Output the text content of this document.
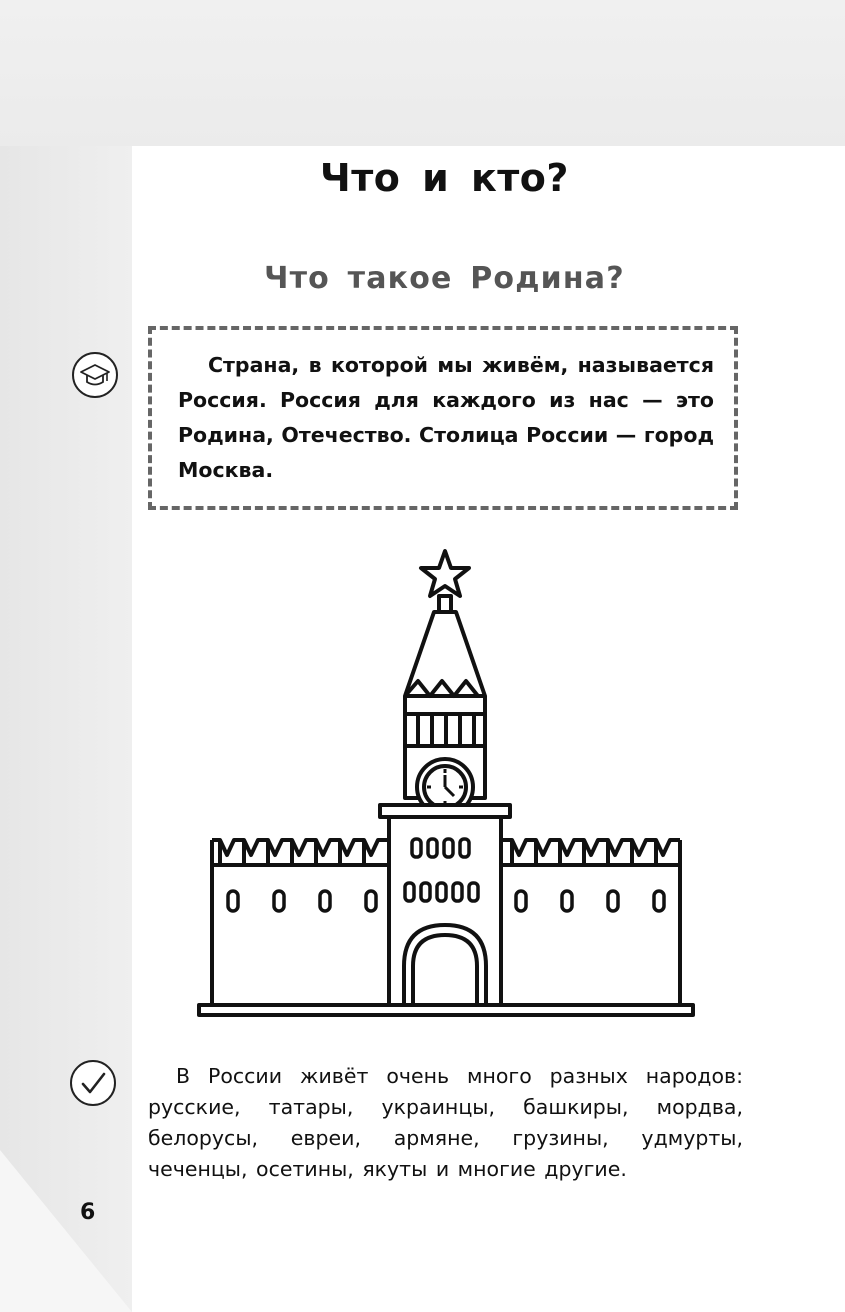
Что и кто?
Что такое Родина?
Страна, в которой мы живём, называется Россия. Россия для каждого из нас — это Родина, Отечество. Столица России — город Москва.
В России живёт очень много разных народов: русские, татары, украинцы, башкиры, мордва, белорусы, евреи, армяне, грузины, удмурты, чеченцы, осетины, якуты и многие другие.
6
